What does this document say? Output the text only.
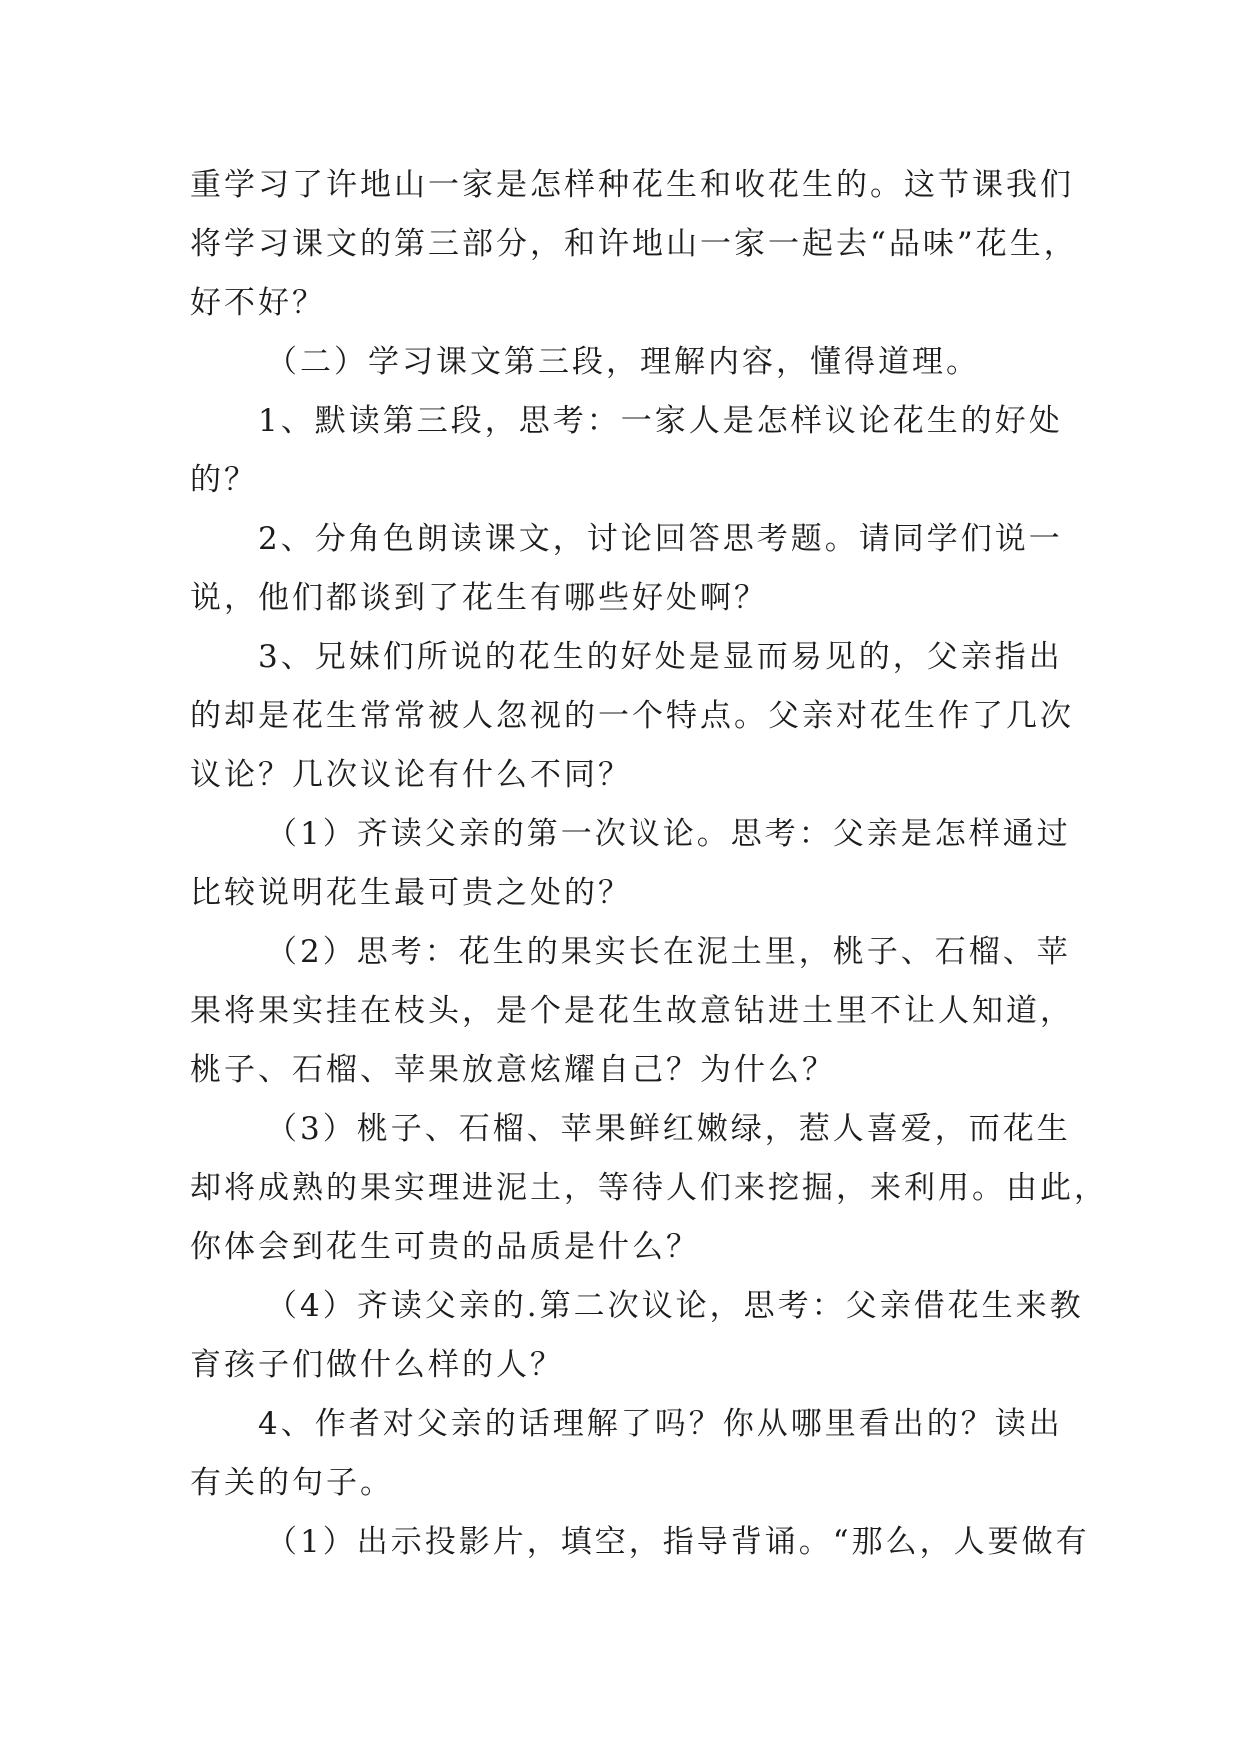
重学习了许地山一家是怎样种花生和收花生的。这节课我们
将学习课文的第三部分，和许地山一家一起去“品味”花生，
好不好？
（二）学习课文第三段，理解内容，懂得道理。
1、默读第三段，思考：一家人是怎样议论花生的好处
的？
2、分角色朗读课文，讨论回答思考题。请同学们说一
说，他们都谈到了花生有哪些好处啊？
3、兄妹们所说的花生的好处是显而易见的，父亲指出
的却是花生常常被人忽视的一个特点。父亲对花生作了几次
议论？几次议论有什么不同？
（1）齐读父亲的第一次议论。思考：父亲是怎样通过
比较说明花生最可贵之处的？
（2）思考：花生的果实长在泥土里，桃子、石榴、苹
果将果实挂在枝头，是个是花生故意钻进土里不让人知道，
桃子、石榴、苹果放意炫耀自己？为什么？
（3）桃子、石榴、苹果鲜红嫩绿，惹人喜爱，而花生
却将成熟的果实理进泥土，等待人们来挖掘，来利用。由此，
你体会到花生可贵的品质是什么？
（4）齐读父亲的.第二次议论，思考：父亲借花生来教
育孩子们做什么样的人？
4、作者对父亲的话理解了吗？你从哪里看出的？读出
有关的句子。
（1）出示投影片，填空，指导背诵。“那么，人要做有
